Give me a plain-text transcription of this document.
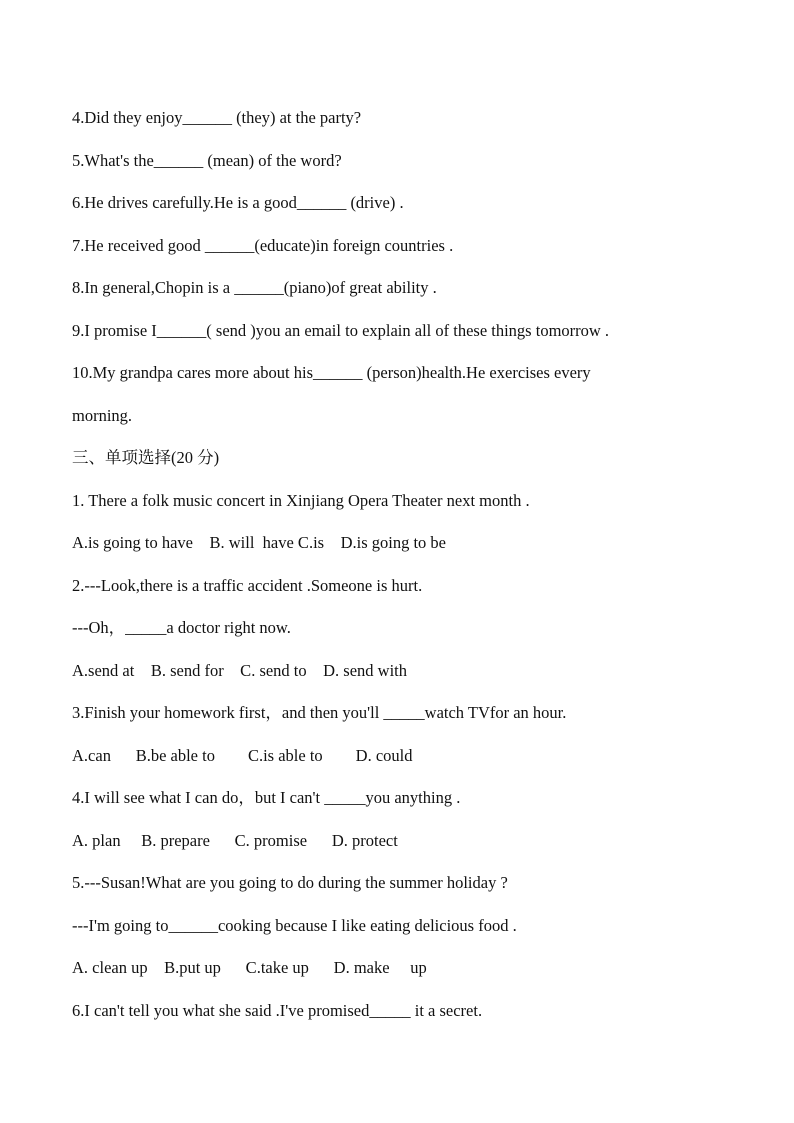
4.Did they enjoy______ (they) at the party?
5.What's the______ (mean) of the word?
6.He drives carefully.He is a good______ (drive) .
7.He received good ______(educate)in foreign countries .
8.In general,Chopin is a ______(piano)of great ability .
9.I promise I______( send )you an email to explain all of these things tomorrow .
10.My grandpa cares more about his______ (person)health.He exercises every
morning.
三、单项选择(20 分)
1. There a folk music concert in Xinjiang Opera Theater next month .
A.is going to have    B. will  have C.is    D.is going to be
2.---Look,there is a traffic accident .Someone is hurt.
---Oh，_____a doctor right now.
A.send at    B. send for    C. send to    D. send with
3.Finish your homework first，and then you'll _____watch TVfor an hour.
A.can      B.be able to        C.is able to        D. could
4.I will see what I can do，but I can't _____you anything .
A. plan     B. prepare      C. promise      D. protect
5.---Susan!What are you going to do during the summer holiday ?
---I'm going to______cooking because I like eating delicious food .
A. clean up    B.put up      C.take up      D. make     up
6.I can't tell you what she said .I've promised_____ it a secret.
